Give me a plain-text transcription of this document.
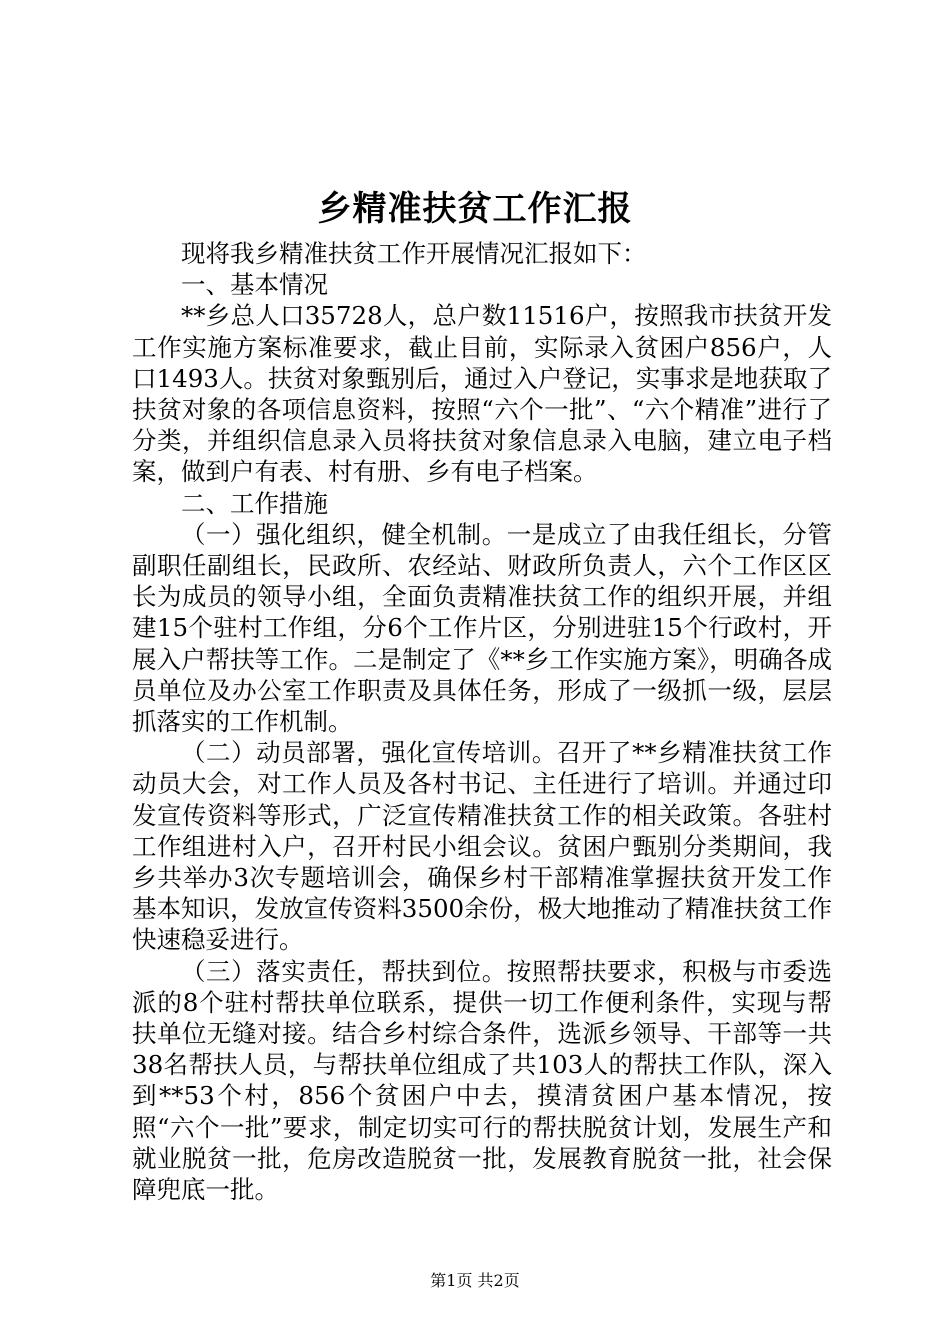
乡精准扶贫工作汇报

现将我乡精准扶贫工作开展情况汇报如下：

一、基本情况

**乡总人口35728人，总户数11516户，按照我市扶贫开发工作实施方案标准要求，截止目前，实际录入贫困户856户，人口1493人。扶贫对象甄别后，通过入户登记，实事求是地获取了扶贫对象的各项信息资料，按照“六个一批”、“六个精准”进行了分类，并组织信息录入员将扶贫对象信息录入电脑，建立电子档案，做到户有表、村有册、乡有电子档案。

二、工作措施

（一）强化组织，健全机制。一是成立了由我任组长，分管副职任副组长，民政所、农经站、财政所负责人，六个工作区区长为成员的领导小组，全面负责精准扶贫工作的组织开展，并组建15个驻村工作组，分6个工作片区，分别进驻15个行政村，开展入户帮扶等工作。二是制定了《**乡工作实施方案》，明确各成员单位及办公室工作职责及具体任务，形成了一级抓一级，层层抓落实的工作机制。

（二）动员部署，强化宣传培训。召开了**乡精准扶贫工作动员大会，对工作人员及各村书记、主任进行了培训。并通过印发宣传资料等形式，广泛宣传精准扶贫工作的相关政策。各驻村工作组进村入户，召开村民小组会议。贫困户甄别分类期间，我乡共举办3次专题培训会，确保乡村干部精准掌握扶贫开发工作基本知识，发放宣传资料3500余份，极大地推动了精准扶贫工作快速稳妥进行。

（三）落实责任，帮扶到位。按照帮扶要求，积极与市委选派的8个驻村帮扶单位联系，提供一切工作便利条件，实现与帮扶单位无缝对接。结合乡村综合条件，选派乡领导、干部等一共38名帮扶人员，与帮扶单位组成了共103人的帮扶工作队，深入到**53个村，856个贫困户中去，摸清贫困户基本情况，按照“六个一批”要求，制定切实可行的帮扶脱贫计划，发展生产和就业脱贫一批，危房改造脱贫一批，发展教育脱贫一批，社会保障兜底一批。

第1页 共2页
